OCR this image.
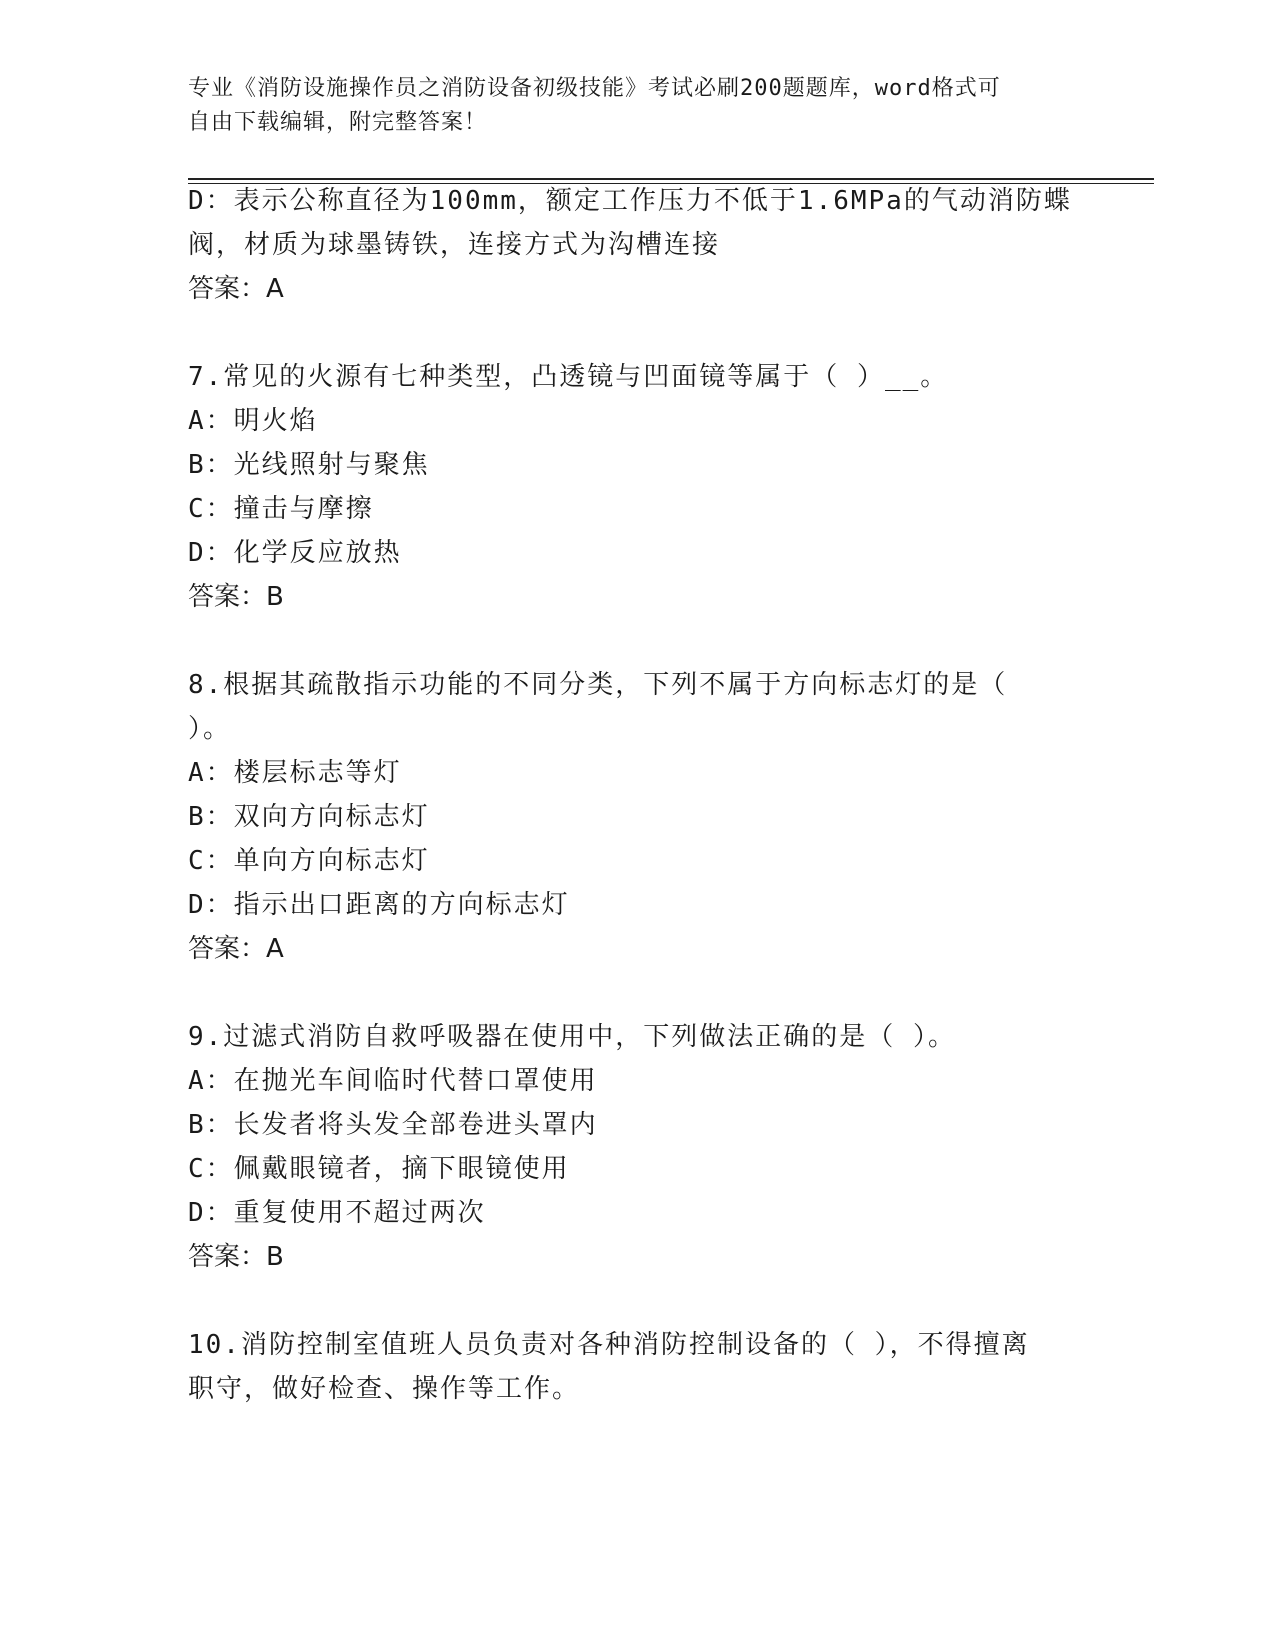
专业《消防设施操作员之消防设备初级技能》考试必刷200题题库，word格式可
自由下载编辑，附完整答案！
D：表示公称直径为100mm，额定工作压力不低于1.6MPa的气动消防蝶
阀，材质为球墨铸铁，连接方式为沟槽连接
答案：A
7.常见的火源有七种类型，凸透镜与凹面镜等属于（ ）__。
A：明火焰
B：光线照射与聚焦
C：撞击与摩擦
D：化学反应放热
答案：B
8.根据其疏散指示功能的不同分类，下列不属于方向标志灯的是（
）。
A：楼层标志等灯
B：双向方向标志灯
C：单向方向标志灯
D：指示出口距离的方向标志灯
答案：A
9.过滤式消防自救呼吸器在使用中，下列做法正确的是（ ）。
A：在抛光车间临时代替口罩使用
B：长发者将头发全部卷进头罩内
C：佩戴眼镜者，摘下眼镜使用
D：重复使用不超过两次
答案：B
10.消防控制室值班人员负责对各种消防控制设备的（ ），不得擅离
职守，做好检查、操作等工作。
